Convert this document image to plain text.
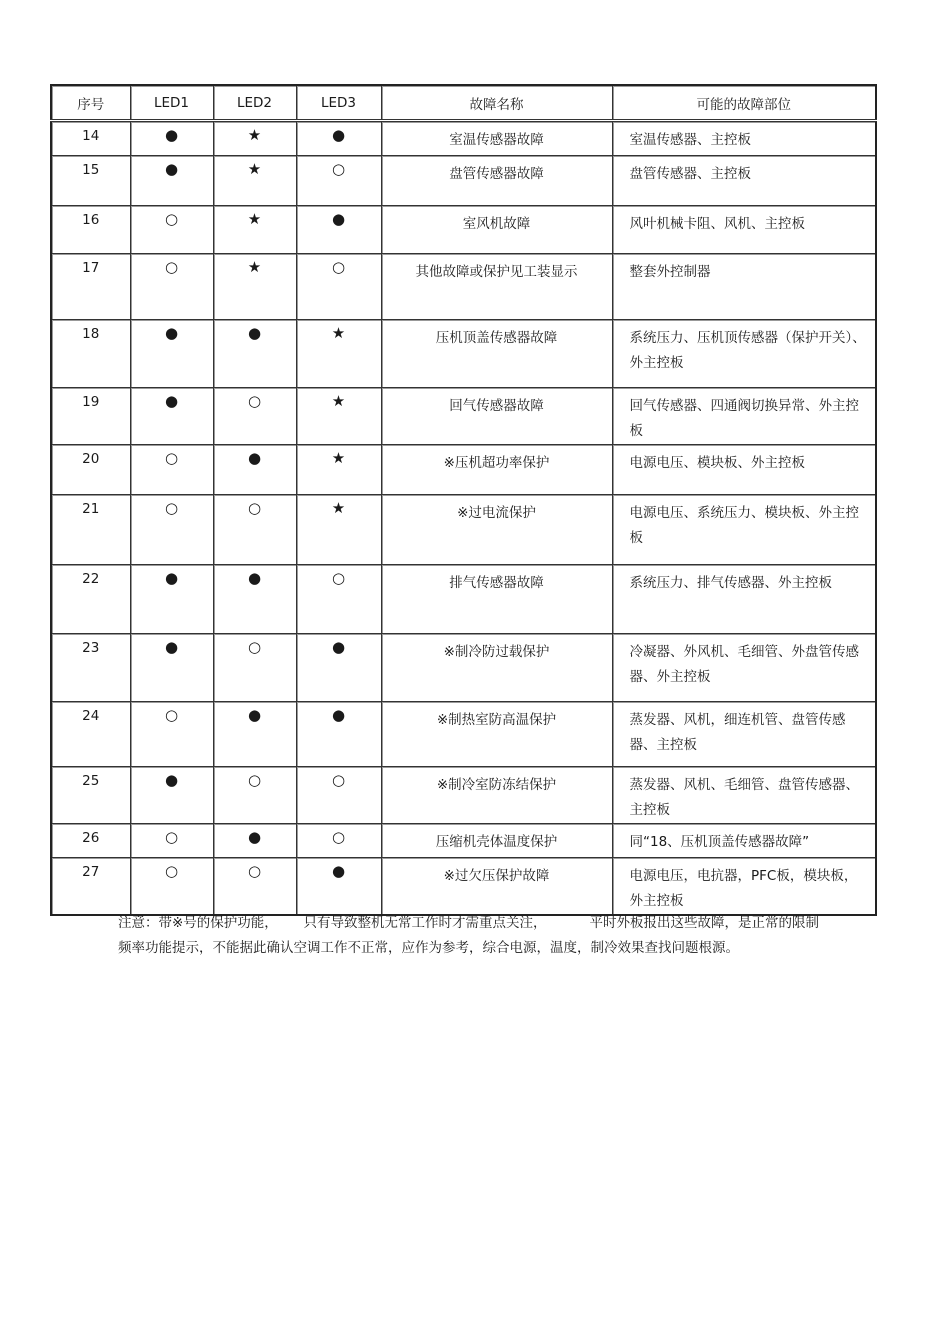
序号	LED1	LED2	LED3	故障名称	可能的故障部位
14	●	★	●	室温传感器故障	室温传感器、主控板
15	●	★	○	盘管传感器故障	盘管传感器、主控板
16	○	★	●	室风机故障	风叶机械卡阻、风机、主控板
17	○	★	○	其他故障或保护见工装显示	整套外控制器
18	●	●	★	压机顶盖传感器故障	系统压力、压机顶传感器（保护开关）、外主控板
19	●	○	★	回气传感器故障	回气传感器、四通阀切换异常、外主控板
20	○	●	★	※压机超功率保护	电源电压、模块板、外主控板
21	○	○	★	※过电流保护	电源电压、系统压力、模块板、外主控板
22	●	●	○	排气传感器故障	系统压力、排气传感器、外主控板
23	●	○	●	※制冷防过载保护	冷凝器、外风机、毛细管、外盘管传感器、外主控板
24	○	●	●	※制热室防高温保护	蒸发器、风机，细连机管、盘管传感器、主控板
25	●	○	○	※制冷室防冻结保护	蒸发器、风机、毛细管、盘管传感器、主控板
26	○	●	○	压缩机壳体温度保护	同“18、压机顶盖传感器故障”
27	○	○	●	※过欠压保护故障	电源电压，电抗器，PFC板，模块板，外主控板
注意：带※号的保护功能，      只有导致整机无常工作时才需重点关注，          平时外板报出这些故障，是正常的限制
频率功能提示，不能据此确认空调工作不正常，应作为参考，综合电源，温度，制冷效果查找问题根源。
